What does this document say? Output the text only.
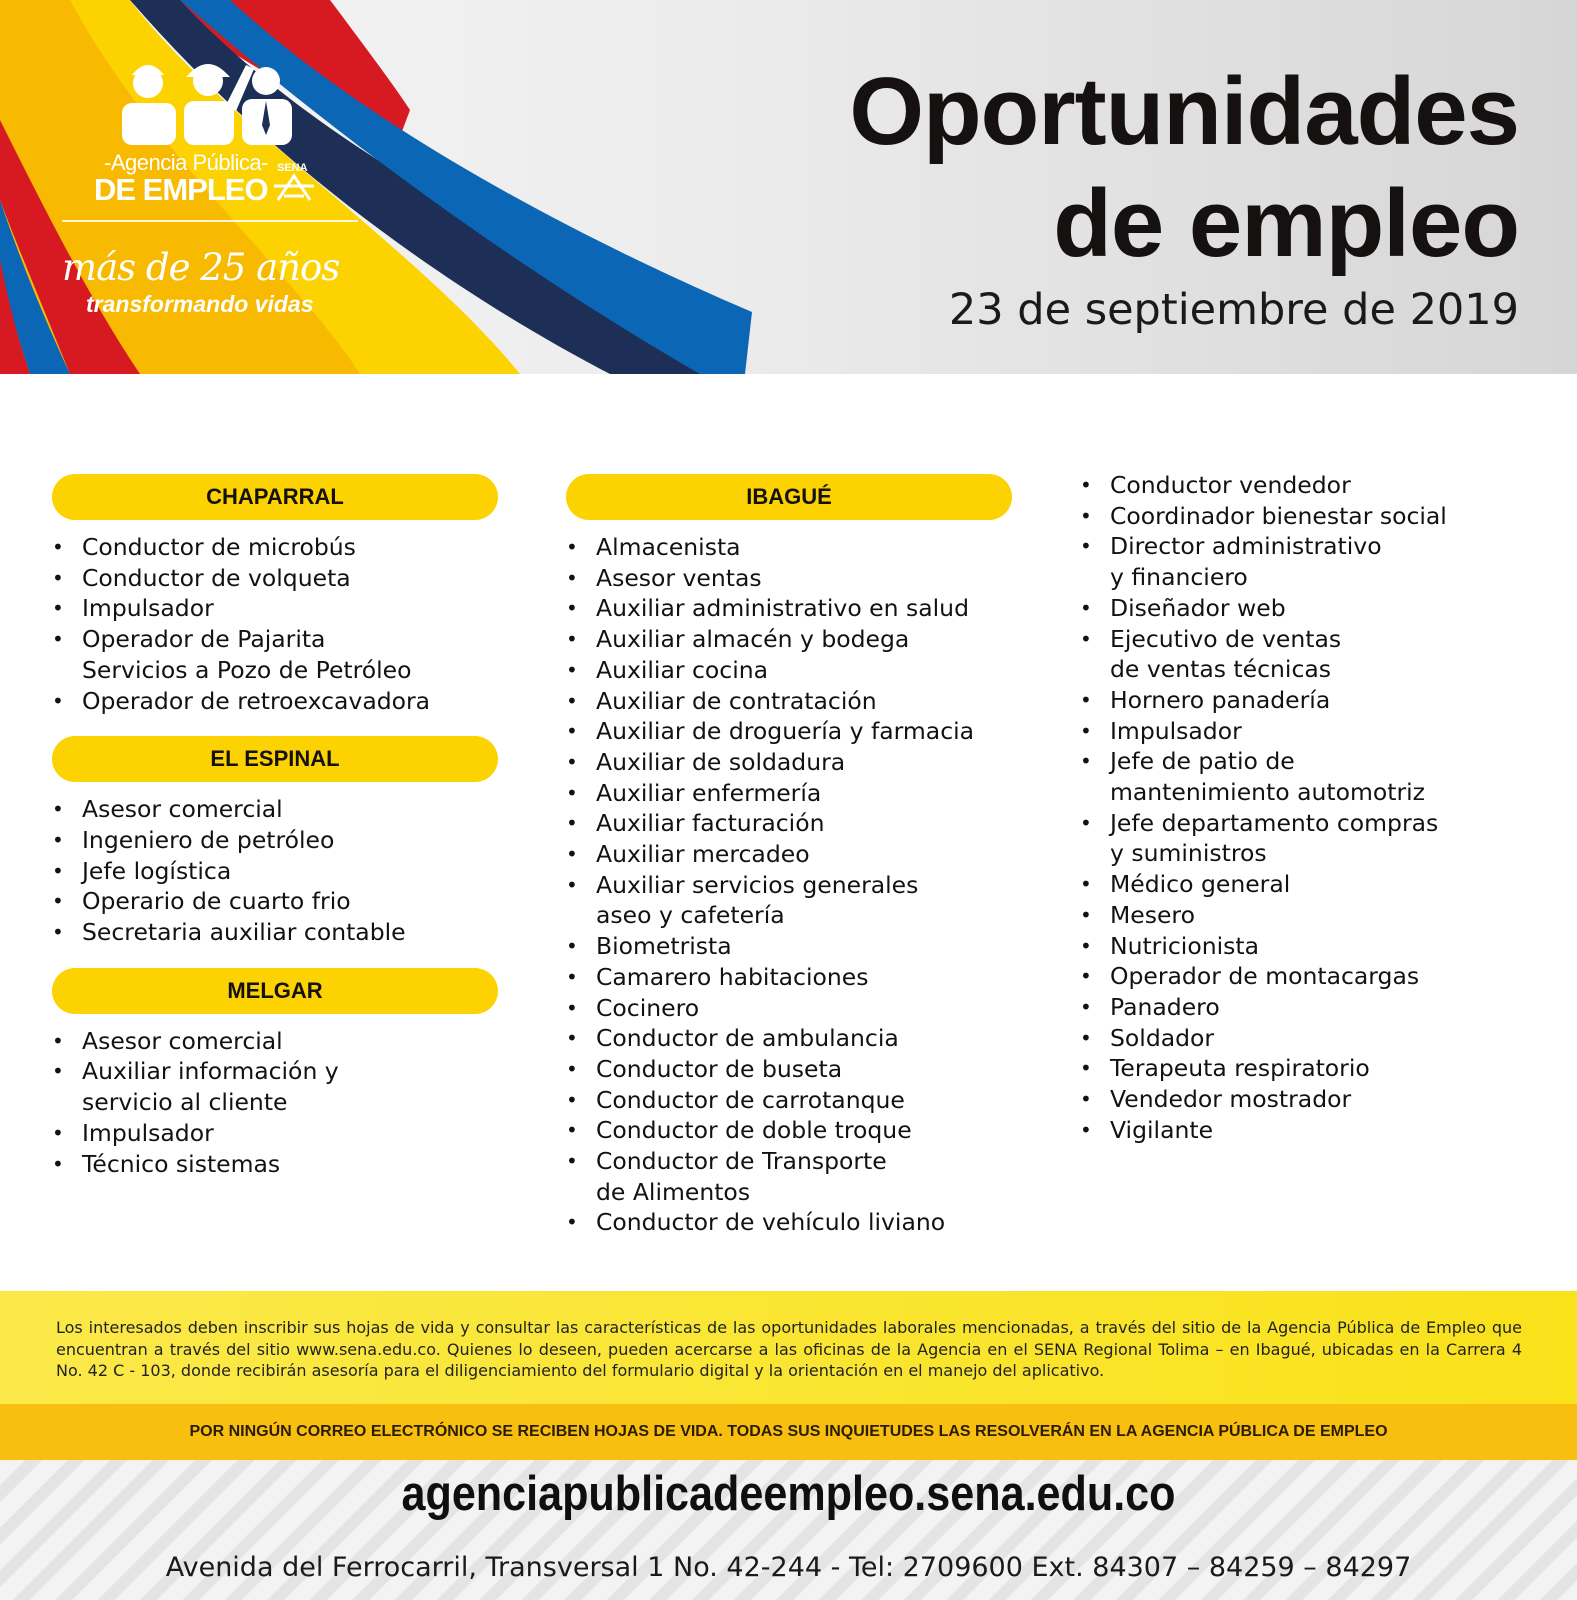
-Agencia Pública-
DE EMPLEO
SENA
más de 25 años
transformando vidas
Oportunidades
de empleo
23 de septiembre de 2019
CHAPARRAL
• Conductor de microbús
• Conductor de volqueta
• Impulsador
• Operador de Pajarita
Servicios a Pozo de Petróleo
• Operador de retroexcavadora
EL ESPINAL
• Asesor comercial
• Ingeniero de petróleo
• Jefe logística
• Operario de cuarto frio
• Secretaria auxiliar contable
MELGAR
• Asesor comercial
• Auxiliar información y
servicio al cliente
• Impulsador
• Técnico sistemas
IBAGUÉ
• Almacenista
• Asesor ventas
• Auxiliar administrativo en salud
• Auxiliar almacén y bodega
• Auxiliar cocina
• Auxiliar de contratación
• Auxiliar de droguería y farmacia
• Auxiliar de soldadura
• Auxiliar enfermería
• Auxiliar facturación
• Auxiliar mercadeo
• Auxiliar servicios generales
aseo y cafetería
• Biometrista
• Camarero habitaciones
• Cocinero
• Conductor de ambulancia
• Conductor de buseta
• Conductor de carrotanque
• Conductor de doble troque
• Conductor de Transporte
de Alimentos
• Conductor de vehículo liviano
• Conductor vendedor
• Coordinador bienestar social
• Director administrativo
y financiero
• Diseñador web
• Ejecutivo de ventas
de ventas técnicas
• Hornero panadería
• Impulsador
• Jefe de patio de
mantenimiento automotriz
• Jefe departamento compras
y suministros
• Médico general
• Mesero
• Nutricionista
• Operador de montacargas
• Panadero
• Soldador
• Terapeuta respiratorio
• Vendedor mostrador
• Vigilante

Los interesados deben inscribir sus hojas de vida y consultar las características de las oportunidades laborales mencionadas, a través del sitio de la Agencia Pública de Empleo que encuentran a través del sitio www.sena.edu.co. Quienes lo deseen, pueden acercarse a las oficinas de la Agencia en el SENA Regional Tolima – en Ibagué, ubicadas en la Carrera 4 No. 42 C - 103, donde recibirán asesoría para el diligenciamiento del formulario digital y la orientación en el manejo del aplicativo.

POR NINGÚN CORREO ELECTRÓNICO SE RECIBEN HOJAS DE VIDA. TODAS SUS INQUIETUDES LAS RESOLVERÁN EN LA AGENCIA PÚBLICA DE EMPLEO
agenciapublicadeempleo.sena.edu.co
Avenida del Ferrocarril, Transversal 1 No. 42-244 - Tel: 2709600 Ext. 84307 – 84259 – 84297
